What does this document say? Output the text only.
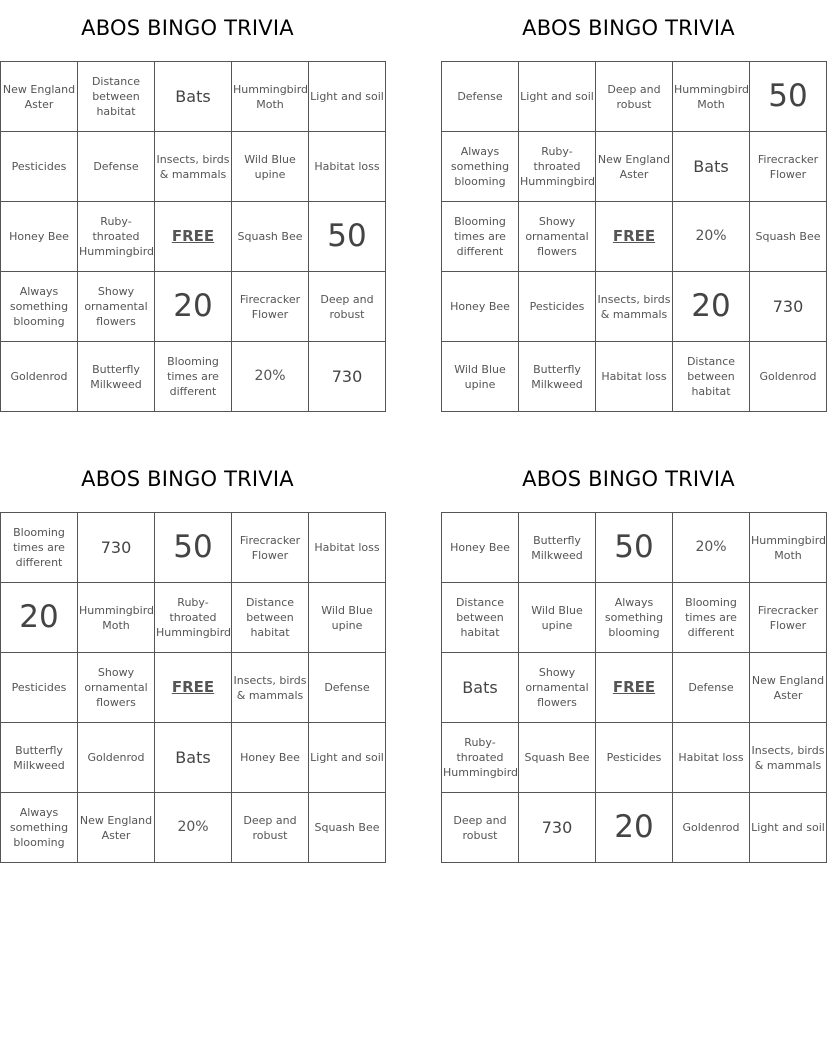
ABOS BINGO TRIVIA
New England Aster	Distance between habitat	Bats	Hummingbird Moth	Light and soil
Pesticides	Defense	Insects, birds & mammals	Wild Blue upine	Habitat loss
Honey Bee	Ruby-throated Hummingbird	FREE	Squash Bee	50
Always something blooming	Showy ornamental flowers	20	Firecracker Flower	Deep and robust
Goldenrod	Butterfly Milkweed	Blooming times are different	20%	730
ABOS BINGO TRIVIA
Defense	Light and soil	Deep and robust	Hummingbird Moth	50
Always something blooming	Ruby-throated Hummingbird	New England Aster	Bats	Firecracker Flower
Blooming times are different	Showy ornamental flowers	FREE	20%	Squash Bee
Honey Bee	Pesticides	Insects, birds & mammals	20	730
Wild Blue upine	Butterfly Milkweed	Habitat loss	Distance between habitat	Goldenrod
ABOS BINGO TRIVIA
Blooming times are different	730	50	Firecracker Flower	Habitat loss
20	Hummingbird Moth	Ruby-throated Hummingbird	Distance between habitat	Wild Blue upine
Pesticides	Showy ornamental flowers	FREE	Insects, birds & mammals	Defense
Butterfly Milkweed	Goldenrod	Bats	Honey Bee	Light and soil
Always something blooming	New England Aster	20%	Deep and robust	Squash Bee
ABOS BINGO TRIVIA
Honey Bee	Butterfly Milkweed	50	20%	Hummingbird Moth
Distance between habitat	Wild Blue upine	Always something blooming	Blooming times are different	Firecracker Flower
Bats	Showy ornamental flowers	FREE	Defense	New England Aster
Ruby-throated Hummingbird	Squash Bee	Pesticides	Habitat loss	Insects, birds & mammals
Deep and robust	730	20	Goldenrod	Light and soil
